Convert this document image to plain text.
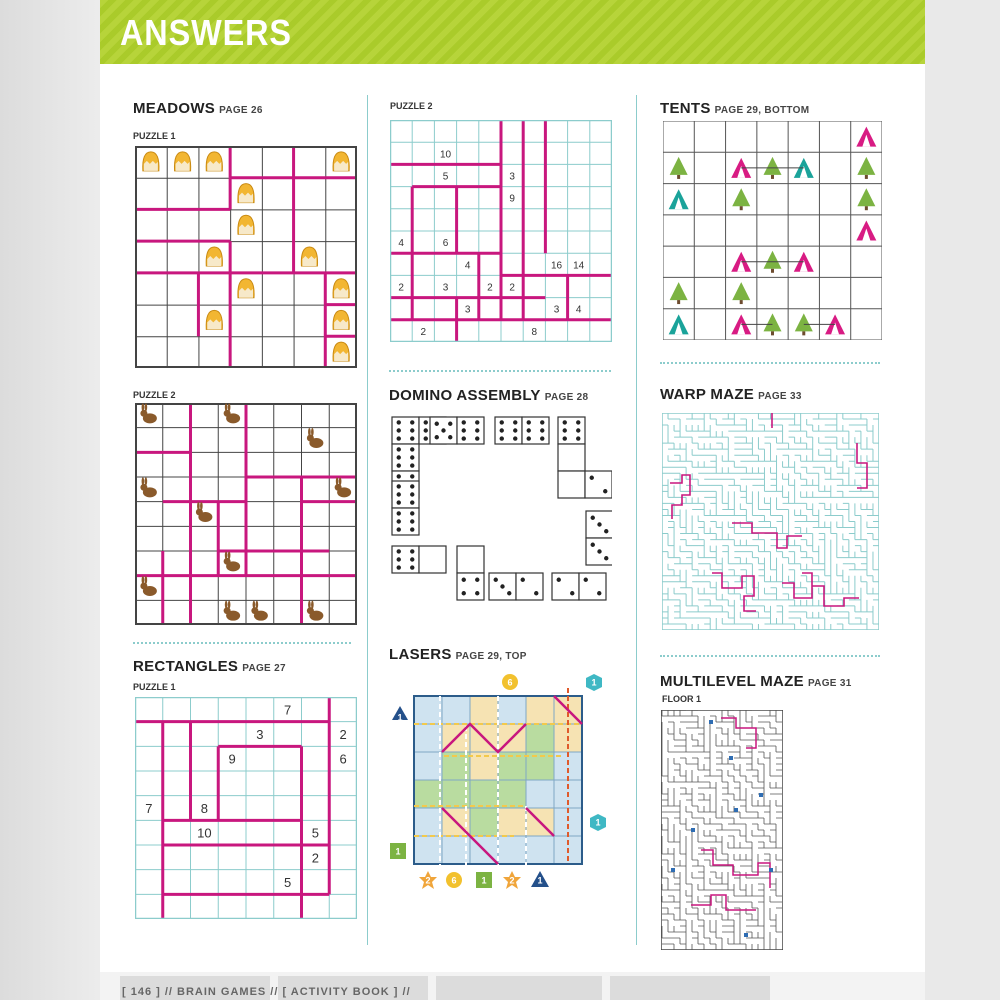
ANSWERS
MEADOWS PAGE 26
PUZZLE 1
PUZZLE 2
RECTANGLES PAGE 27
PUZZLE 1
7
3	2
9	6
7	8
10	5
2
5
PUZZLE 2
10
5	3
9
4	6
4	16 14
2	3	2 2
3	3 4
2	8
DOMINO ASSEMBLY PAGE 28
LASERS PAGE 29, TOP
6	1
1
1
1
2 6	1	2	1
TENTS PAGE 29, BOTTOM
WARP MAZE PAGE 33
MULTILEVEL MAZE PAGE 31
FLOOR 1
[ 146 ] // BRAIN GAMES // [ ACTIVITY BOOK ] //
